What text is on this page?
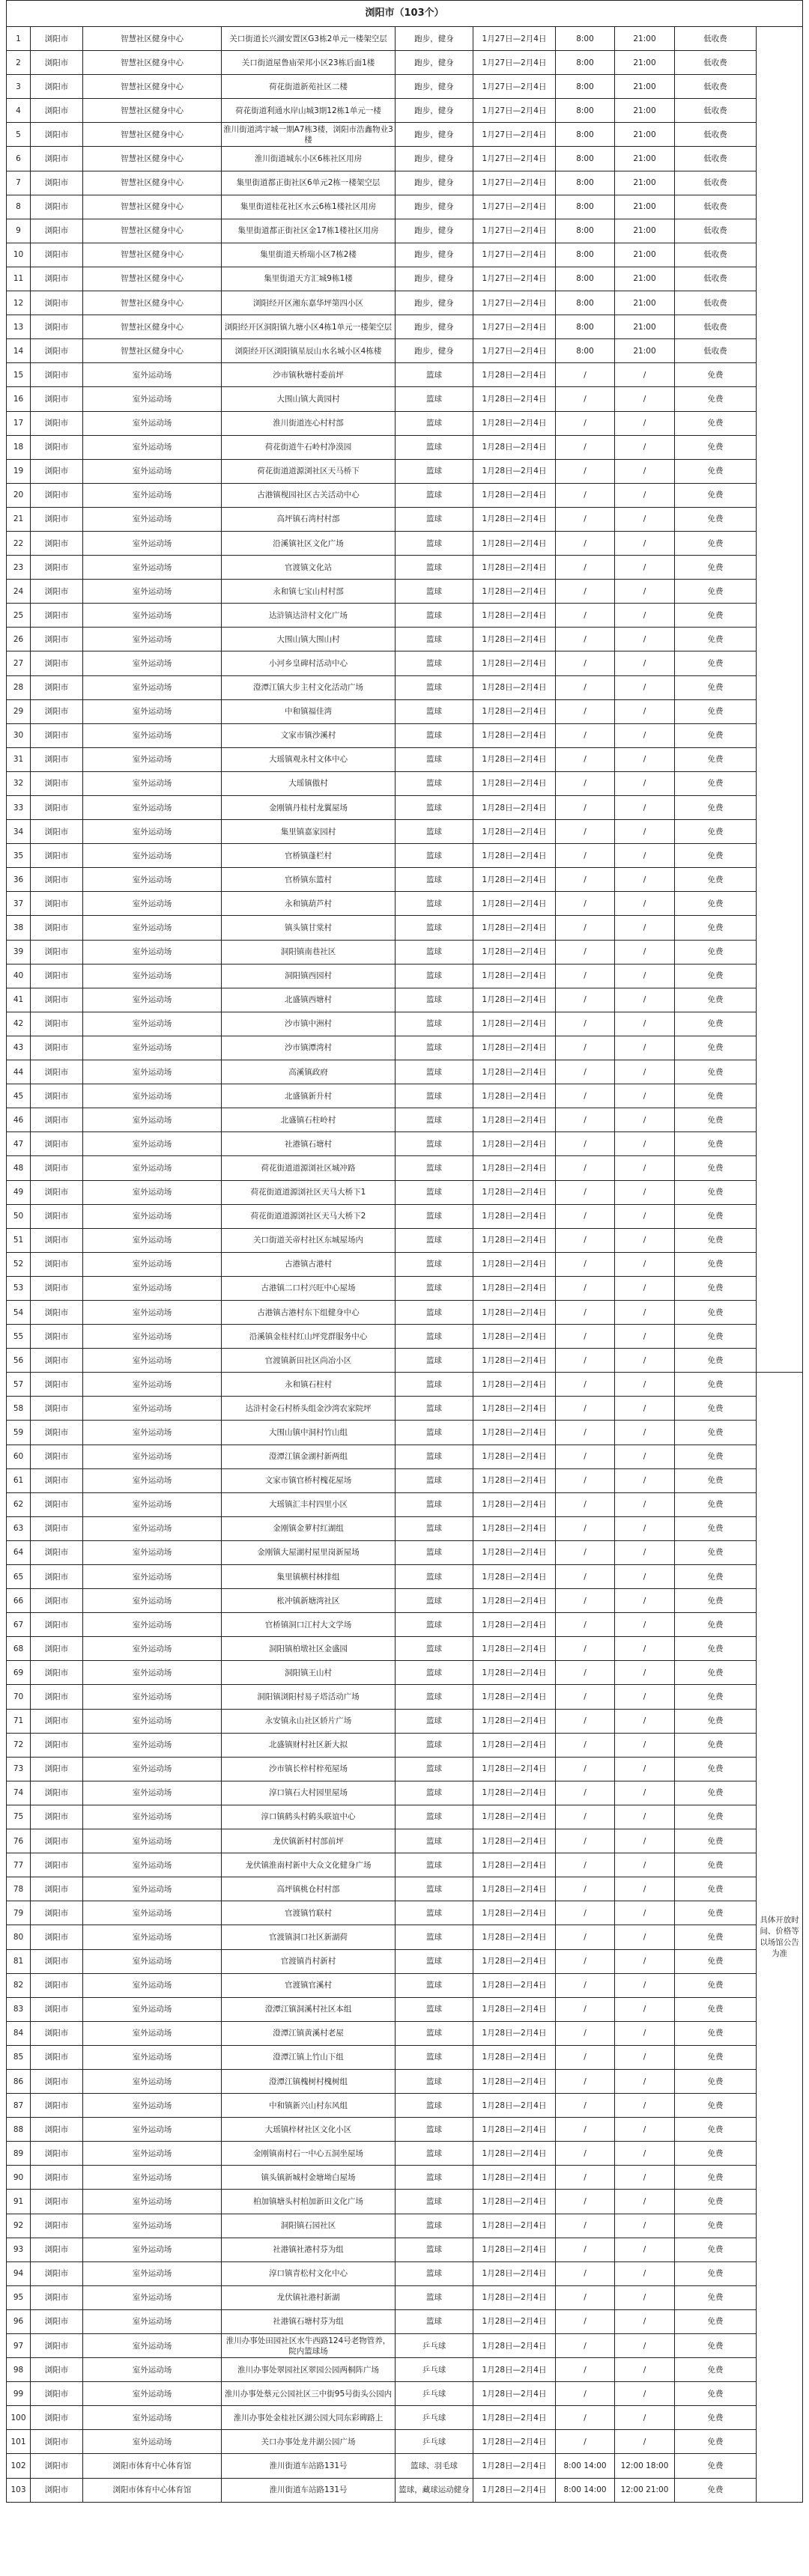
浏阳市（103个）									
1	浏阳市	智慧社区健身中心	关口街道长兴湖安置区G3栋2单元一楼架空层	跑步，健身	1月27日—2月4日	8:00	21:00	低收费	
2	浏阳市	智慧社区健身中心	关口街道屋鲁庙荣邦小区23栋后面1楼	跑步，健身	1月27日—2月4日	8:00	21:00	低收费	
3	浏阳市	智慧社区健身中心	荷花街道新苑社区二楼	跑步，健身	1月27日—2月4日	8:00	21:00	低收费	
4	浏阳市	智慧社区健身中心	荷花街道利通水岸山城3期12栋1单元一楼	跑步，健身	1月27日—2月4日	8:00	21:00	低收费	
5	浏阳市	智慧社区健身中心	淮川街道鸿宇城一期A7栋3楼，浏阳市浩鑫物业3楼	跑步，健身	1月27日—2月4日	8:00	21:00	低收费	
6	浏阳市	智慧社区健身中心	淮川街道城东小区6栋社区用房	跑步，健身	1月27日—2月4日	8:00	21:00	低收费	
7	浏阳市	智慧社区健身中心	集里街道都正街社区6单元2栋一楼架空层	跑步，健身	1月27日—2月4日	8:00	21:00	低收费	
8	浏阳市	智慧社区健身中心	集里街道桂花社区水云6栋1楼社区用房	跑步，健身	1月27日—2月4日	8:00	21:00	低收费	
9	浏阳市	智慧社区健身中心	集里街道都正街社区金17栋1楼社区用房	跑步，健身	1月27日—2月4日	8:00	21:00	低收费	
10	浏阳市	智慧社区健身中心	集里街道天桥瑞小区7栋2楼	跑步，健身	1月27日—2月4日	8:00	21:00	低收费	
11	浏阳市	智慧社区健身中心	集里街道天方汇城9栋1楼	跑步，健身	1月27日—2月4日	8:00	21:00	低收费	
12	浏阳市	智慧社区健身中心	浏阳经开区湘东嘉华坪第四小区	跑步，健身	1月27日—2月4日	8:00	21:00	低收费	
13	浏阳市	智慧社区健身中心	浏阳经开区洞阳镇九塘小区4栋1单元一楼架空层	跑步，健身	1月27日—2月4日	8:00	21:00	低收费	
14	浏阳市	智慧社区健身中心	浏阳经开区浏阳镇星辰山水名城小区4栋楼	跑步，健身	1月27日—2月4日	8:00	21:00	低收费	
15	浏阳市	室外运动场	沙市镇秋塘村委前坪	篮球	1月28日—2月4日	/	/	免费	
16	浏阳市	室外运动场	大围山镇大黄园村	篮球	1月28日—2月4日	/	/	免费	
17	浏阳市	室外运动场	淮川街道连心村村部	篮球	1月28日—2月4日	/	/	免费	
18	浏阳市	室外运动场	荷花街道牛石岭村净漠园	篮球	1月28日—2月4日	/	/	免费	
19	浏阳市	室外运动场	荷花街道道源浏社区天马桥下	篮球	1月28日—2月4日	/	/	免费	
20	浏阳市	室外运动场	古港镇枧园社区古关活动中心	篮球	1月28日—2月4日	/	/	免费	
21	浏阳市	室外运动场	高坪镇石湾村村部	篮球	1月28日—2月4日	/	/	免费	
22	浏阳市	室外运动场	沿溪镇社区文化广场	篮球	1月28日—2月4日	/	/	免费	
23	浏阳市	室外运动场	官渡镇文化站	篮球	1月28日—2月4日	/	/	免费	
24	浏阳市	室外运动场	永和镇七宝山村村部	篮球	1月28日—2月4日	/	/	免费	
25	浏阳市	室外运动场	达浒镇达浒村文化广场	篮球	1月28日—2月4日	/	/	免费	
26	浏阳市	室外运动场	大围山镇大围山村	篮球	1月28日—2月4日	/	/	免费	
27	浏阳市	室外运动场	小河乡皇碑村活动中心	篮球	1月28日—2月4日	/	/	免费	
28	浏阳市	室外运动场	澄潭江镇大步主村文化活动广场	篮球	1月28日—2月4日	/	/	免费	
29	浏阳市	室外运动场	中和镇福佳湾	篮球	1月28日—2月4日	/	/	免费	
30	浏阳市	室外运动场	文家市镇沙溪村	篮球	1月28日—2月4日	/	/	免费	
31	浏阳市	室外运动场	大瑶镇观永村文体中心	篮球	1月28日—2月4日	/	/	免费	
32	浏阳市	室外运动场	大瑶镇傲村	篮球	1月28日—2月4日	/	/	免费	
33	浏阳市	室外运动场	金刚镇丹桂村龙翼屋场	篮球	1月28日—2月4日	/	/	免费	
34	浏阳市	室外运动场	集里镇嘉家园村	篮球	1月28日—2月4日	/	/	免费	
35	浏阳市	室外运动场	官桥镇蓬栏村	篮球	1月28日—2月4日	/	/	免费	
36	浏阳市	室外运动场	官桥镇东篮村	篮球	1月28日—2月4日	/	/	免费	
37	浏阳市	室外运动场	永和镇葫芦村	篮球	1月28日—2月4日	/	/	免费	
38	浏阳市	室外运动场	镇头镇甘棠村	篮球	1月28日—2月4日	/	/	免费	
39	浏阳市	室外运动场	洞阳镇南巷社区	篮球	1月28日—2月4日	/	/	免费	
40	浏阳市	室外运动场	洞阳镇西园村	篮球	1月28日—2月4日	/	/	免费	
41	浏阳市	室外运动场	北盛镇西塘村	篮球	1月28日—2月4日	/	/	免费	
42	浏阳市	室外运动场	沙市镇中洲村	篮球	1月28日—2月4日	/	/	免费	
43	浏阳市	室外运动场	沙市镇潭湾村	篮球	1月28日—2月4日	/	/	免费	
44	浏阳市	室外运动场	高溪镇政府	篮球	1月28日—2月4日	/	/	免费	
45	浏阳市	室外运动场	北盛镇新升村	篮球	1月28日—2月4日	/	/	免费	
46	浏阳市	室外运动场	北盛镇石柱岭村	篮球	1月28日—2月4日	/	/	免费	
47	浏阳市	室外运动场	社港镇石塘村	篮球	1月28日—2月4日	/	/	免费	
48	浏阳市	室外运动场	荷花街道道源浏社区城冲路	篮球	1月28日—2月4日	/	/	免费	
49	浏阳市	室外运动场	荷花街道道源浏社区天马大桥下1	篮球	1月28日—2月4日	/	/	免费	
50	浏阳市	室外运动场	荷花街道道源浏社区天马大桥下2	篮球	1月28日—2月4日	/	/	免费	
51	浏阳市	室外运动场	关口街道关帝村社区东城屋场内	篮球	1月28日—2月4日	/	/	免费	
52	浏阳市	室外运动场	古港镇古港村	篮球	1月28日—2月4日	/	/	免费	
53	浏阳市	室外运动场	古港镇二口村兴旺中心屋场	篮球	1月28日—2月4日	/	/	免费	
54	浏阳市	室外运动场	古港镇古港村东下组健身中心	篮球	1月28日—2月4日	/	/	免费	
55	浏阳市	室外运动场	沿溪镇金桂村红山坪党群服务中心	篮球	1月28日—2月4日	/	/	免费	
56	浏阳市	室外运动场	官渡镇新田社区尚冶小区	篮球	1月28日—2月4日	/	/	免费	
57	浏阳市	室外运动场	永和镇石柱村	篮球	1月28日—2月4日	/	/	免费	具体开放时间、价格等以场馆公告为准
58	浏阳市	室外运动场	达浒村金石村桥头组金沙湾农家院坪	篮球	1月28日—2月4日	/	/	免费	
59	浏阳市	室外运动场	大围山镇中洞村竹山组	篮球	1月28日—2月4日	/	/	免费	
60	浏阳市	室外运动场	澄潭江镇金湖村新两组	篮球	1月28日—2月4日	/	/	免费	
61	浏阳市	室外运动场	文家市镇官桥村槐花屋场	篮球	1月28日—2月4日	/	/	免费	
62	浏阳市	室外运动场	大瑶镇汇丰村四里小区	篮球	1月28日—2月4日	/	/	免费	
63	浏阳市	室外运动场	金刚镇金萝村红湖组	篮球	1月28日—2月4日	/	/	免费	
64	浏阳市	室外运动场	金刚镇大屋湖村屋里岗新屋场	篮球	1月28日—2月4日	/	/	免费	
65	浏阳市	室外运动场	集里镇横村林排组	篮球	1月28日—2月4日	/	/	免费	
66	浏阳市	室外运动场	枨冲镇新塘湾社区	篮球	1月28日—2月4日	/	/	免费	
67	浏阳市	室外运动场	官桥镇洞口江村大文学场	篮球	1月28日—2月4日	/	/	免费	
68	浏阳市	室外运动场	洞阳镇柏墩社区金盛园	篮球	1月28日—2月4日	/	/	免费	
69	浏阳市	室外运动场	洞阳镇王山村	篮球	1月28日—2月4日	/	/	免费	
70	浏阳市	室外运动场	洞阳镇浏阳村易子塔活动广场	篮球	1月28日—2月4日	/	/	免费	
71	浏阳市	室外运动场	永安镇永山社区轿片广场	篮球	1月28日—2月4日	/	/	免费	
72	浏阳市	室外运动场	北盛镇财村社区新大拟	篮球	1月28日—2月4日	/	/	免费	
73	浏阳市	室外运动场	沙市镇长梓村梓苑屋场	篮球	1月28日—2月4日	/	/	免费	
74	浏阳市	室外运动场	淳口镇石大村园里屋场	篮球	1月28日—2月4日	/	/	免费	
75	浏阳市	室外运动场	淳口镇鹤头村鹤头联谊中心	篮球	1月28日—2月4日	/	/	免费	
76	浏阳市	室外运动场	龙伏镇新村村部前坪	篮球	1月28日—2月4日	/	/	免费	
77	浏阳市	室外运动场	龙伏镇淮南村新中大众文化健身广场	篮球	1月28日—2月4日	/	/	免费	
78	浏阳市	室外运动场	高坪镇桃仓村村部	篮球	1月28日—2月4日	/	/	免费	
79	浏阳市	室外运动场	官渡镇竹联村	篮球	1月28日—2月4日	/	/	免费	
80	浏阳市	室外运动场	官渡镇洞口社区新湖荷	篮球	1月28日—2月4日	/	/	免费	
81	浏阳市	室外运动场	官渡镇肖村新村	篮球	1月28日—2月4日	/	/	免费	
82	浏阳市	室外运动场	官渡镇官溪村	篮球	1月28日—2月4日	/	/	免费	
83	浏阳市	室外运动场	澄潭江镇洞溪村社区本组	篮球	1月28日—2月4日	/	/	免费	
84	浏阳市	室外运动场	澄潭江镇黄溪村老屋	篮球	1月28日—2月4日	/	/	免费	
85	浏阳市	室外运动场	澄潭江镇上竹山下组	篮球	1月28日—2月4日	/	/	免费	
86	浏阳市	室外运动场	澄潭江镇槐树村槐树组	篮球	1月28日—2月4日	/	/	免费	
87	浏阳市	室外运动场	中和镇新兴山村东风组	篮球	1月28日—2月4日	/	/	免费	
88	浏阳市	室外运动场	大瑶镇梓材社区文化小区	篮球	1月28日—2月4日	/	/	免费	
89	浏阳市	室外运动场	金刚镇南村石一中心五洞坐屋场	篮球	1月28日—2月4日	/	/	免费	
90	浏阳市	室外运动场	镇头镇新城村金塘坳白屋场	篮球	1月28日—2月4日	/	/	免费	
91	浏阳市	室外运动场	柏加镇塘头村柏加新田文化广场	篮球	1月28日—2月4日	/	/	免费	
92	浏阳市	室外运动场	洞阳镇石园社区	篮球	1月28日—2月4日	/	/	免费	
93	浏阳市	室外运动场	社港镇社港村芬为组	篮球	1月28日—2月4日	/	/	免费	
94	浏阳市	室外运动场	淳口镇青松村文化中心	篮球	1月28日—2月4日	/	/	免费	
95	浏阳市	室外运动场	龙伏镇社港村新湖	篮球	1月28日—2月4日	/	/	免费	
96	浏阳市	室外运动场	社港镇石塘村芬为组	篮球	1月28日—2月4日	/	/	免费	
97	浏阳市	室外运动场	淮川办事处田园社区水牛西路124号老物管养，院内篮球场	乒乓球	1月28日—2月4日	/	/	免费	
98	浏阳市	室外运动场	淮川办事处翠园社区翠园公园两桐阵广场	乒乓球	1月28日—2月4日	/	/	免费	
99	浏阳市	室外运动场	淮川办事处蔡元公园社区三中街95号街头公园内	乒乓球	1月28日—2月4日	/	/	免费	
100	浏阳市	室外运动场	淮川办事处金桂社区湖公园大同东彩碑路上	乒乓球	1月28日—2月4日	/	/	免费	
101	浏阳市	室外运动场	关口办事处龙井湖公园广场	乒乓球	1月28日—2月4日	/	/	免费	
102	浏阳市	浏阳市体育中心体育馆	淮川街道车站路131号	篮球、羽毛球	1月28日—2月4日	8:00 14:00	12:00 18:00	免费	
103	浏阳市	浏阳市体育中心体育馆	淮川街道车站路131号	篮球，藏球运动健身	1月28日—2月4日	8:00 14:00	12:00 21:00	免费	
